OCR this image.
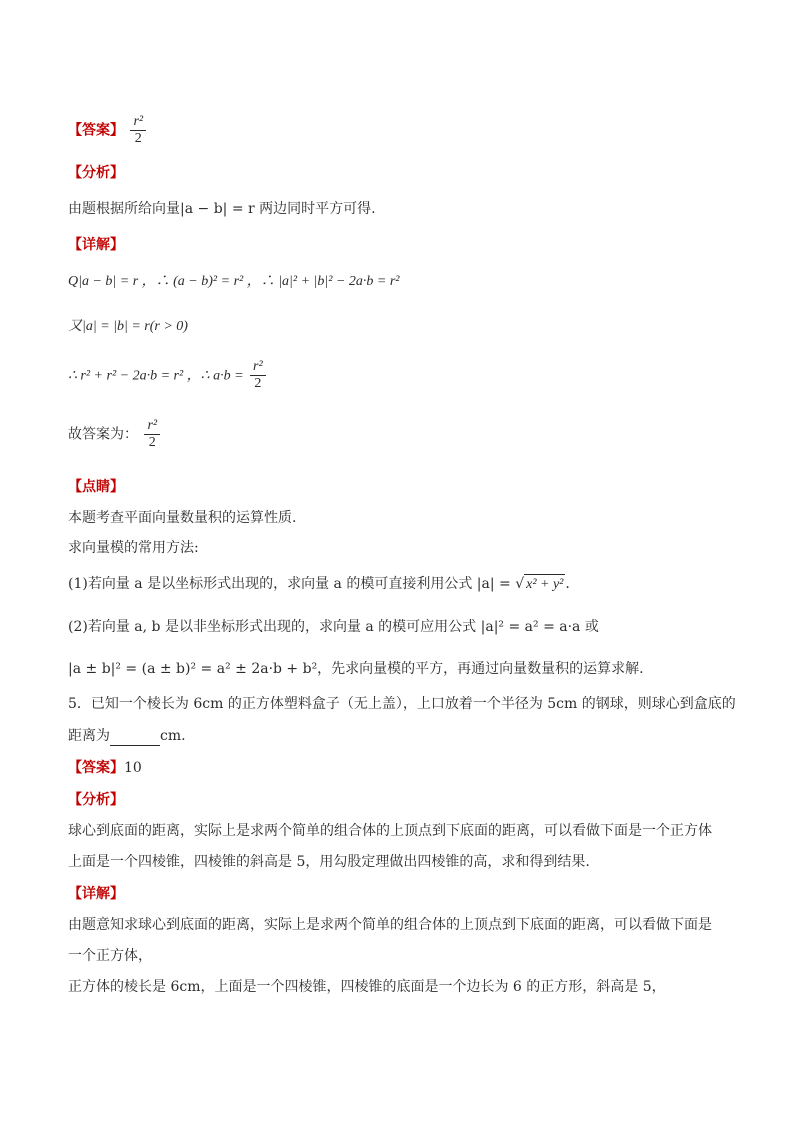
【答案】 $\frac{\text{r²}}{2}$
【分析】
由题根据所给向量|a − b| = r 两边同时平方可得.
【详解】
Q|a − b| = r ，∴ (a − b)² = r² ，∴ |a|² + |b|² − 2a·b = r²
又|a| = |b| = r(r > 0)
∴ r² + r² − 2a·b = r² ，∴ $a\cdot b = \frac{\text{r²}}{2}$
故答案为： $\frac{\text{r²}}{2}$
【点睛】
本题考查平面向量数量积的运算性质.
求向量模的常用方法:
(1)若向量 a 是以坐标形式出现的，求向量 a 的模可直接利用公式 |a| = √ x² + y² .
(2)若向量 a, b 是以非坐标形式出现的，求向量 a 的模可应用公式 |a|² = a² = a·a 或
|a ± b|² = (a ± b)² = a² ± 2a·b + b²，先求向量模的平方，再通过向量数量积的运算求解.
5．已知一个棱长为 6cm 的正方体塑料盒子（无上盖），上口放着一个半径为 5cm 的钢球，则球心到盒底的
距离为	cm.
【答案】10
【分析】
球心到底面的距离，实际上是求两个简单的组合体的上顶点到下底面的距离，可以看做下面是一个正方体
上面是一个四棱锥，四棱锥的斜高是 5，用勾股定理做出四棱锥的高，求和得到结果.
【详解】
由题意知求球心到底面的距离，实际上是求两个简单的组合体的上顶点到下底面的距离，可以看做下面是
一个正方体，
正方体的棱长是 6cm，上面是一个四棱锥，四棱锥的底面是一个边长为 6 的正方形，斜高是 5，
